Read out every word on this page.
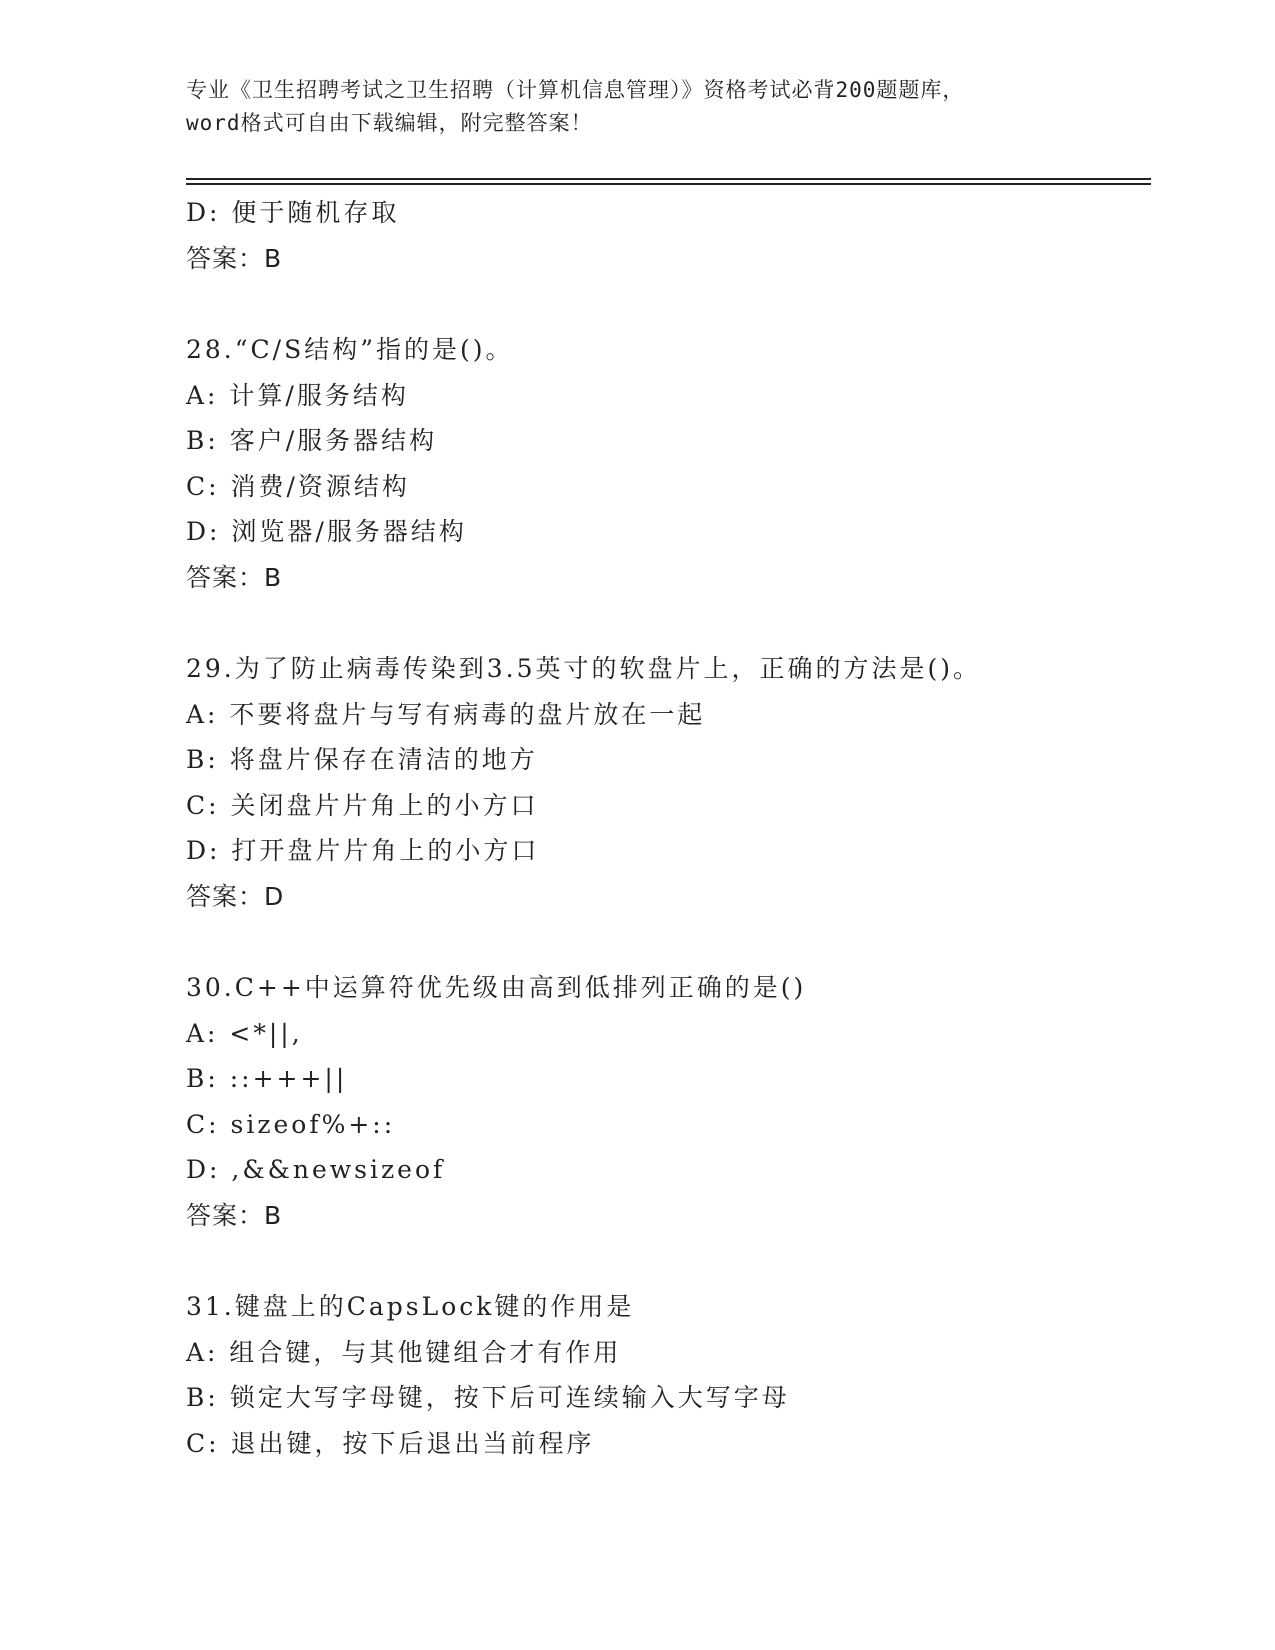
专业《卫生招聘考试之卫生招聘（计算机信息管理）》资格考试必背200题题库，
word格式可自由下载编辑，附完整答案！
D: 便于随机存取
答案：B
28.“C/S结构”指的是()。
A: 计算/服务结构
B: 客户/服务器结构
C: 消费/资源结构
D: 浏览器/服务器结构
答案：B
29.为了防止病毒传染到3.5英寸的软盘片上，正确的方法是()。
A: 不要将盘片与写有病毒的盘片放在一起
B: 将盘片保存在清洁的地方
C: 关闭盘片片角上的小方口
D: 打开盘片片角上的小方口
答案：D
30.C++中运算符优先级由高到低排列正确的是()
A: <*||,
B: ::+++||
C: sizeof%+::
D: ,&&newsizeof
答案：B
31.键盘上的CapsLock键的作用是
A: 组合键，与其他键组合才有作用
B: 锁定大写字母键，按下后可连续输入大写字母
C: 退出键，按下后退出当前程序
